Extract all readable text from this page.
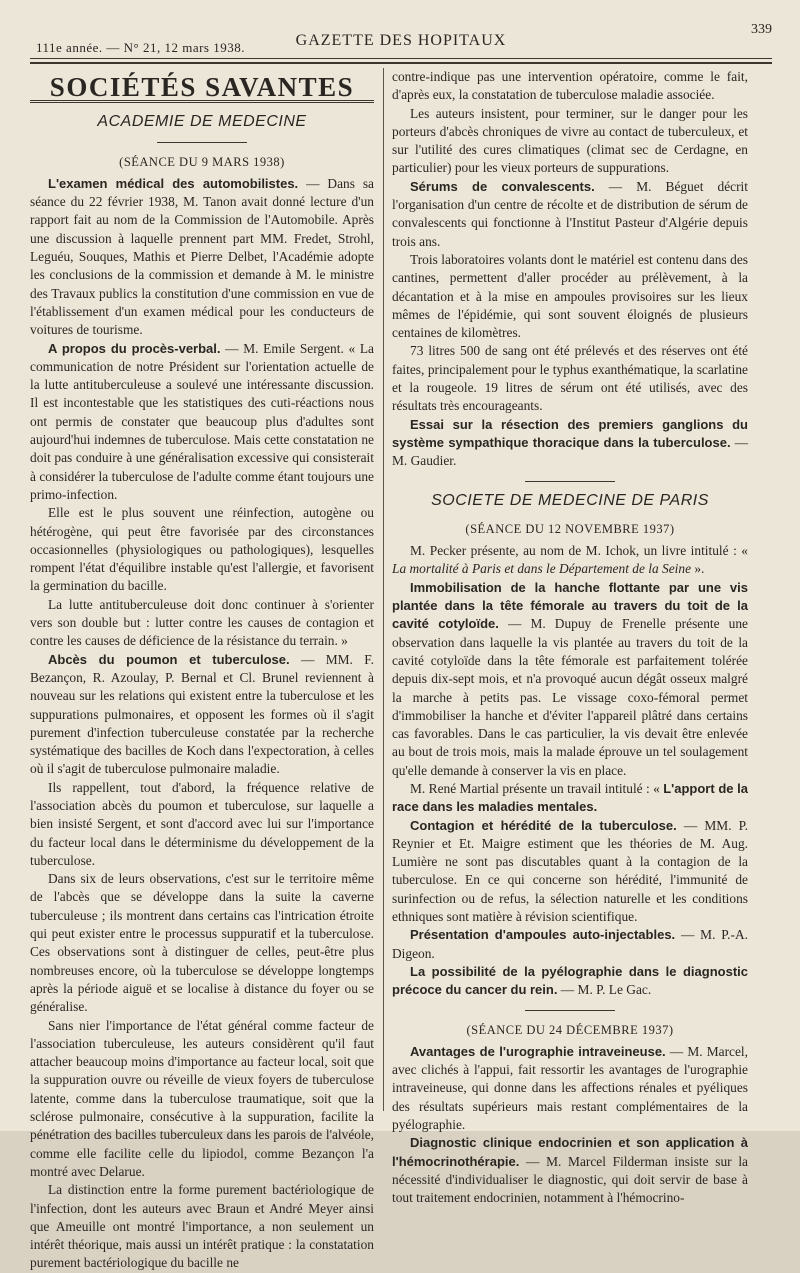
111e année. — N° 21, 12 mars 1938.	GAZETTE DES HOPITAUX
339
SOCIÉTÉS SAVANTES
ACADEMIE DE MEDECINE
(SÉANCE DU 9 MARS 1938)

L'examen médical des automobilistes. — Dans sa séance du 22 février 1938, M. Tanon avait donné lecture d'un rapport fait au nom de la Commission de l'Automobile. Après une discussion à laquelle prennent part MM. Fredet, Strohl, Leguéu, Souques, Mathis et Pierre Delbet, l'Académie adopte les conclusions de la commission et demande à M. le ministre des Travaux publics la constitution d'une commission en vue de l'établissement d'un examen médical pour les conducteurs de voitures de tourisme.

A propos du procès-verbal. — M. Emile Sergent. « La communication de notre Président sur l'orientation actuelle de la lutte antituberculeuse a soulevé une intéressante discussion. Il est incontestable que les statistiques des cuti-réactions nous ont permis de constater que beaucoup plus d'adultes sont aujourd'hui indemnes de tuberculose. Mais cette constatation ne doit pas conduire à une généralisation excessive qui consisterait à considérer la tuberculose de l'adulte comme étant toujours une primo-infection.

Elle est le plus souvent une réinfection, autogène ou hétérogène, qui peut être favorisée par des circonstances occasionnelles (physiologiques ou pathologiques), lesquelles rompent l'état d'équilibre instable qu'est l'allergie, et favorisent la germination du bacille.

La lutte antituberculeuse doit donc continuer à s'orienter vers son double but : lutter contre les causes de contagion et contre les causes de déficience de la résistance du terrain. »

Abcès du poumon et tuberculose. — MM. F. Bezançon, R. Azoulay, P. Bernal et Cl. Brunel reviennent à nouveau sur les relations qui existent entre la tuberculose et les suppurations pulmonaires, et opposent les formes où il s'agit purement d'infection tuberculeuse constatée par la recherche systématique des bacilles de Koch dans l'expectoration, à celles où il s'agit de tuberculose pulmonaire maladie.

Ils rappellent, tout d'abord, la fréquence relative de l'association abcès du poumon et tuberculose, sur laquelle a bien insisté Sergent, et sont d'accord avec lui sur l'importance du facteur local dans le déterminisme du développement de la tuberculose.

Dans six de leurs observations, c'est sur le territoire même de l'abcès que se développe dans la suite la caverne tuberculeuse ; ils montrent dans certains cas l'intrication étroite qui peut exister entre le processus suppuratif et la tuberculose. Ces observations sont à distinguer de celles, peut-être plus nombreuses encore, où la tuberculose se développe longtemps après la période aiguë et se localise à distance du foyer ou se généralise.

Sans nier l'importance de l'état général comme facteur de l'association tuberculeuse, les auteurs considèrent qu'il faut attacher beaucoup moins d'importance au facteur local, soit que la suppuration ouvre ou réveille de vieux foyers de tuberculose latente, comme dans la tuberculose traumatique, soit que la sclérose pulmonaire, consécutive à la suppuration, facilite la pénétration des bacilles tuberculeux dans les parois de l'alvéole, comme elle facilite celle du lipiodol, comme Bezançon l'a montré avec Delarue.

La distinction entre la forme purement bactériologique de l'infection, dont les auteurs avec Braun et André Meyer ainsi que Ameuille ont montré l'importance, a non seulement un intérêt théorique, mais aussi un intérêt pratique : la constatation purement bactériologique du bacille ne

contre-indique pas une intervention opératoire, comme le fait, d'après eux, la constatation de tuberculose maladie associée.

Les auteurs insistent, pour terminer, sur le danger pour les porteurs d'abcès chroniques de vivre au contact de tuberculeux, et sur l'utilité des cures climatiques (climat sec de Cerdagne, en particulier) pour les vieux porteurs de suppurations.

Sérums de convalescents. — M. Béguet décrit l'organisation d'un centre de récolte et de distribution de sérum de convalescents qui fonctionne à l'Institut Pasteur d'Algérie depuis trois ans.

Trois laboratoires volants dont le matériel est contenu dans des cantines, permettent d'aller procéder au prélèvement, à la décantation et à la mise en ampoules provisoires sur les lieux mêmes de l'épidémie, qui sont souvent éloignés de plusieurs centaines de kilomètres.

73 litres 500 de sang ont été prélevés et des réserves ont été faites, principalement pour le typhus exanthématique, la scarlatine et la rougeole. 19 litres de sérum ont été utilisés, avec des résultats très encourageants.

Essai sur la résection des premiers ganglions du système sympathique thoracique dans la tuberculose. — M. Gaudier.

SOCIETE DE MEDECINE DE PARIS
(SÉANCE DU 12 NOVEMBRE 1937)

M. Pecker présente, au nom de M. Ichok, un livre intitulé : « La mortalité à Paris et dans le Département de la Seine ».

Immobilisation de la hanche flottante par une vis plantée dans la tête fémorale au travers du toit de la cavité cotyloïde. — M. Dupuy de Frenelle présente une observation dans laquelle la vis plantée au travers du toit de la cavité cotyloïde dans la tête fémorale est parfaitement tolérée depuis dix-sept mois, et n'a provoqué aucun dégât osseux malgré la marche à petits pas. Le vissage coxo-fémoral permet d'immobiliser la hanche et d'éviter l'appareil plâtré dans certains cas favorables. Dans le cas particulier, la vis devait être enlevée au bout de trois mois, mais la malade éprouve un tel soulagement qu'elle demande à conserver la vis en place.

M. René Martial présente un travail intitulé : « L'apport de la race dans les maladies mentales.

Contagion et hérédité de la tuberculose. — MM. P. Reynier et Et. Maigre estiment que les théories de M. Aug. Lumière ne sont pas discutables quant à la contagion de la tuberculose. En ce qui concerne son hérédité, l'immunité de surinfection ou de refus, la sélection naturelle et les conditions ethniques sont matière à révision scientifique.

Présentation d'ampoules auto-injectables. — M. P.-A. Digeon.

La possibilité de la pyélographie dans le diagnostic précoce du cancer du rein. — M. P. Le Gac.

(SÉANCE DU 24 DÉCEMBRE 1937)

Avantages de l'urographie intraveineuse. — M. Marcel, avec clichés à l'appui, fait ressortir les avantages de l'urographie intraveineuse, qui donne dans les affections rénales et pyéliques des résultats supérieurs mais restant complémentaires de la pyélographie.

Diagnostic clinique endocrinien et son application à l'hémocrinothérapie. — M. Marcel Filderman insiste sur la nécessité d'individualiser le diagnostic, qui doit servir de base à tout traitement endocrinien, notamment à l'hémocrino-
